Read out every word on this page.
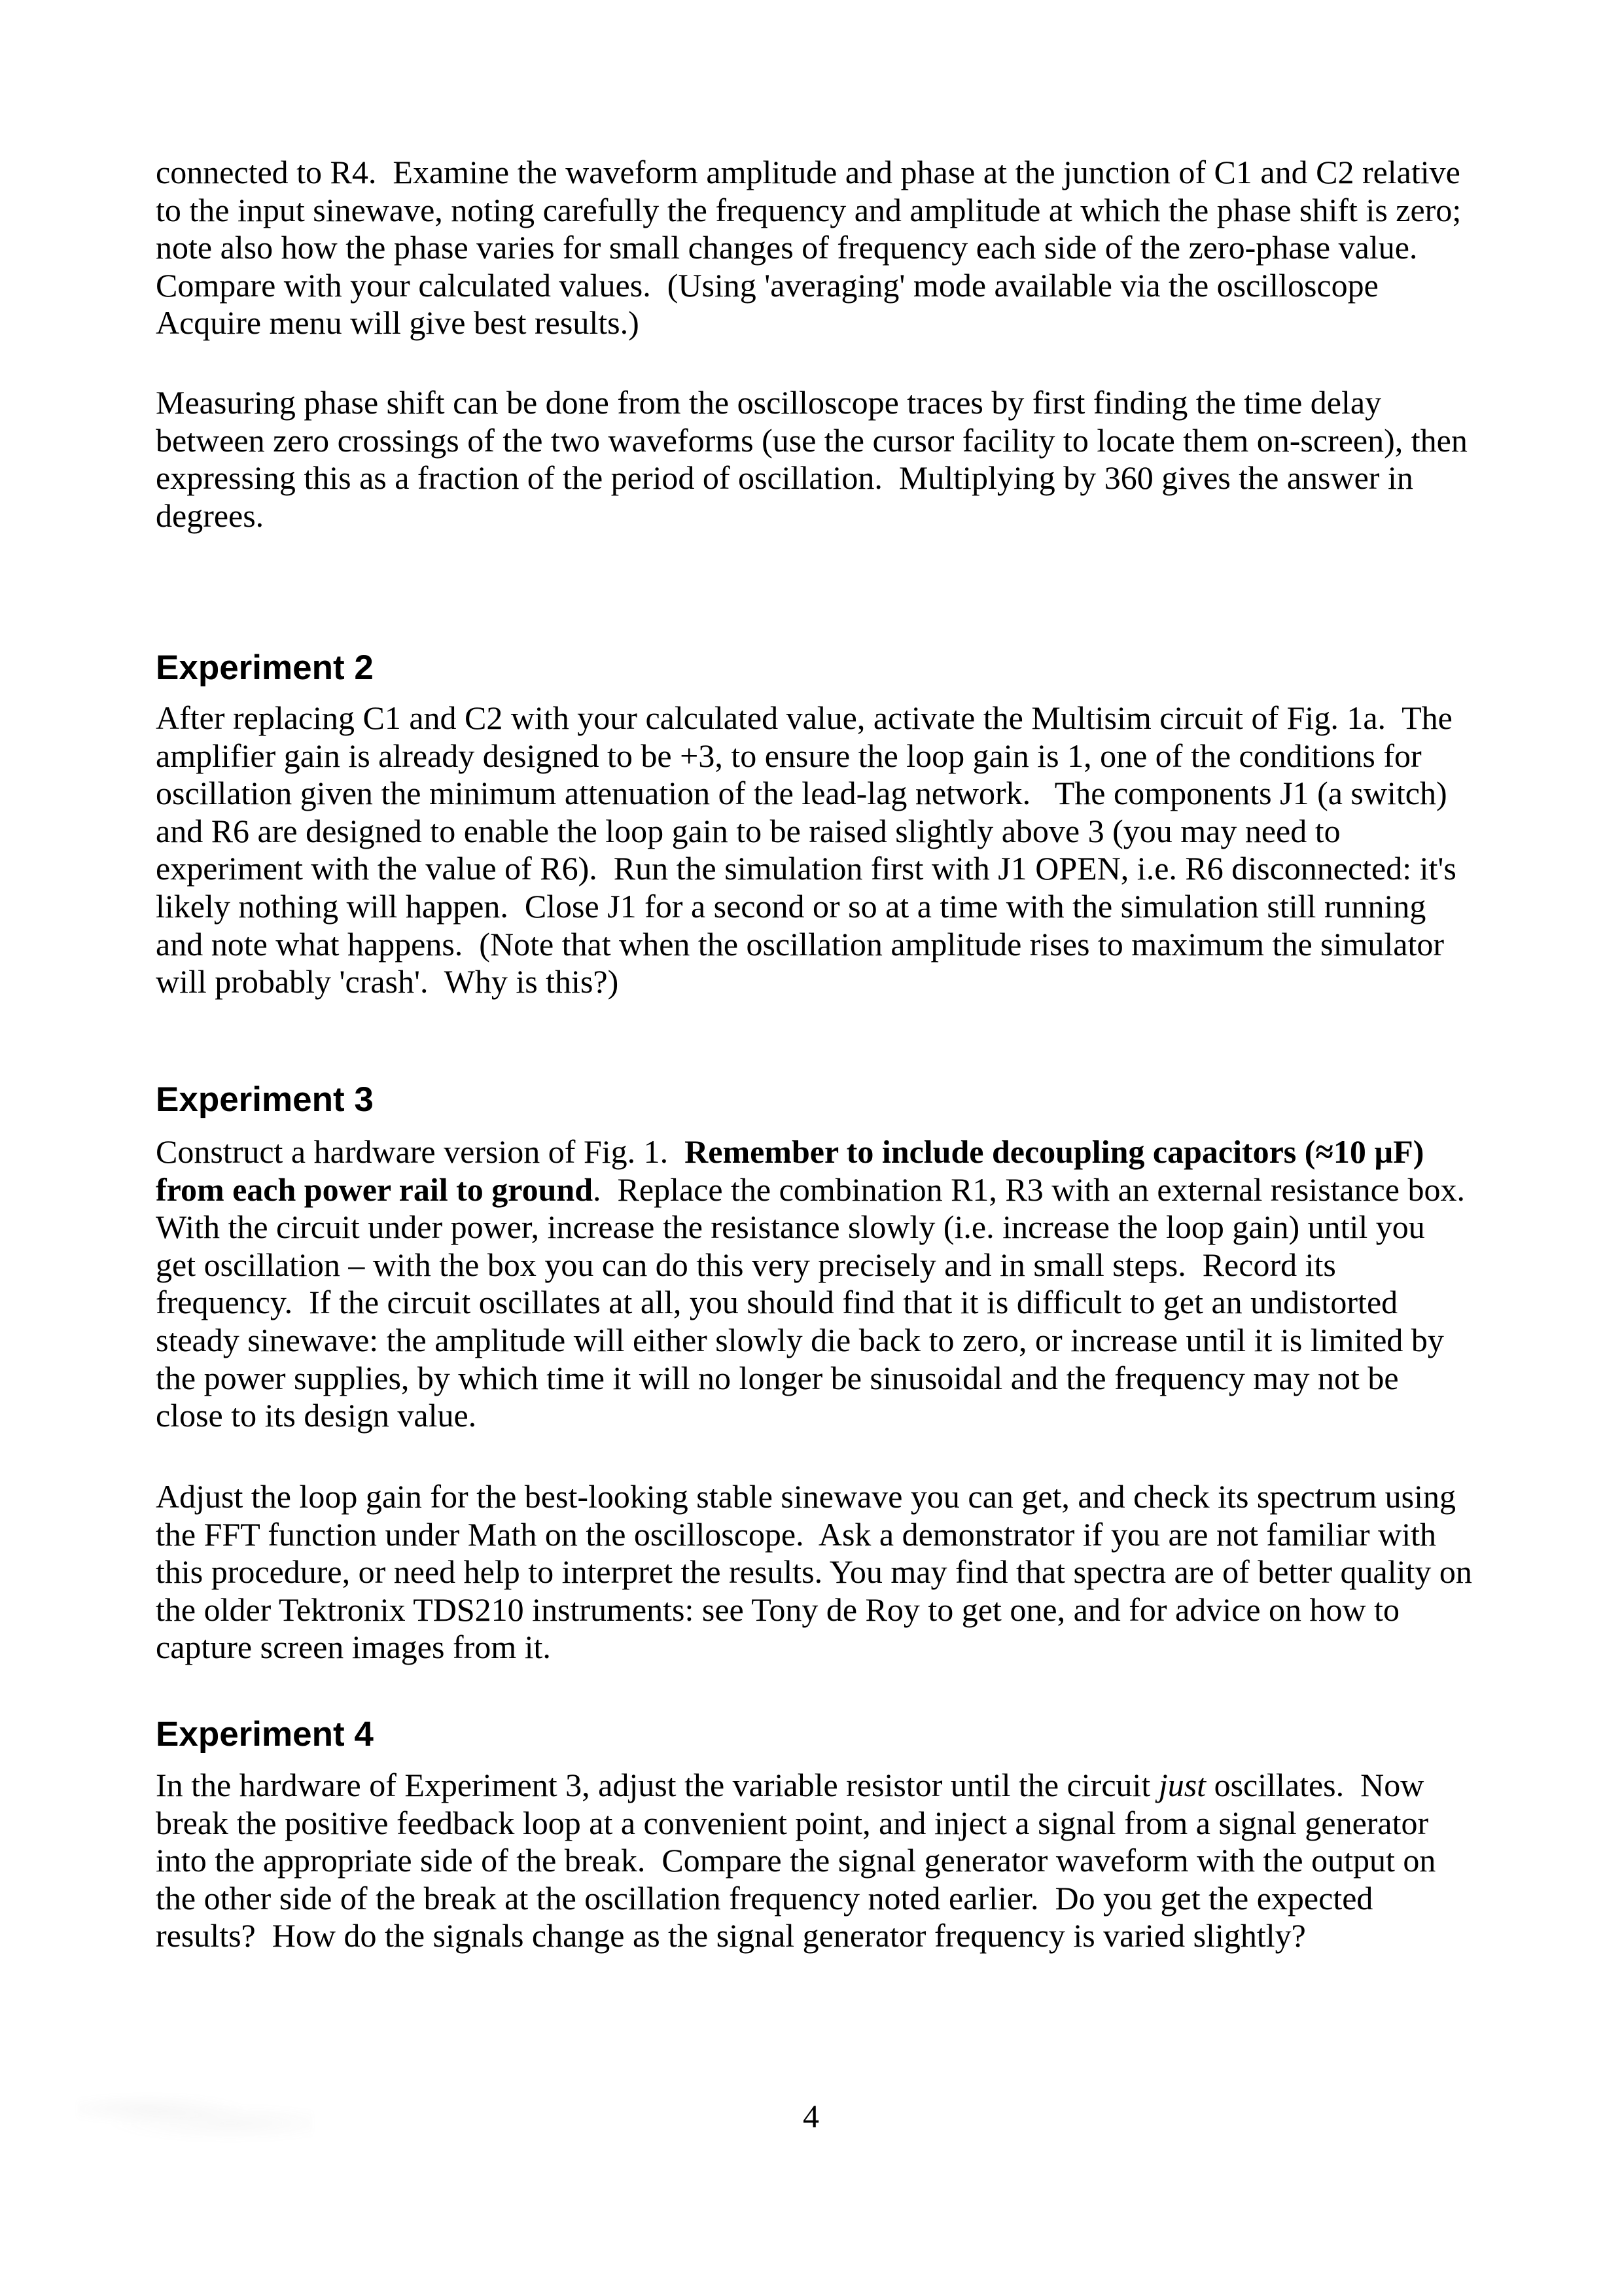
connected to R4.  Examine the waveform amplitude and phase at the junction of C1 and C2 relative to the input sinewave, noting carefully the frequency and amplitude at which the phase shift is zero; note also how the phase varies for small changes of frequency each side of the zero-phase value.  Compare with your calculated values.  (Using 'averaging' mode available via the oscilloscope Acquire menu will give best results.)
Measuring phase shift can be done from the oscilloscope traces by first finding the time delay between zero crossings of the two waveforms (use the cursor facility to locate them on-screen), then expressing this as a fraction of the period of oscillation.  Multiplying by 360 gives the answer in degrees.
Experiment 2
After replacing C1 and C2 with your calculated value, activate the Multisim circuit of Fig. 1a.  The amplifier gain is already designed to be +3, to ensure the loop gain is 1, one of the conditions for oscillation given the minimum attenuation of the lead-lag network.   The components J1 (a switch) and R6 are designed to enable the loop gain to be raised slightly above 3 (you may need to experiment with the value of R6).  Run the simulation first with J1 OPEN, i.e. R6 disconnected: it's likely nothing will happen.  Close J1 for a second or so at a time with the simulation still running and note what happens.  (Note that when the oscillation amplitude rises to maximum the simulator will probably 'crash'.  Why is this?)
Experiment 3
Construct a hardware version of Fig. 1.  Remember to include decoupling capacitors (≈10 µF) from each power rail to ground.  Replace the combination R1, R3 with an external resistance box. With the circuit under power, increase the resistance slowly (i.e. increase the loop gain) until you get oscillation – with the box you can do this very precisely and in small steps.  Record its frequency.  If the circuit oscillates at all, you should find that it is difficult to get an undistorted steady sinewave: the amplitude will either slowly die back to zero, or increase until it is limited by the power supplies, by which time it will no longer be sinusoidal and the frequency may not be close to its design value.
Adjust the loop gain for the best-looking stable sinewave you can get, and check its spectrum using the FFT function under Math on the oscilloscope.  Ask a demonstrator if you are not familiar with this procedure, or need help to interpret the results. You may find that spectra are of better quality on the older Tektronix TDS210 instruments: see Tony de Roy to get one, and for advice on how to capture screen images from it.
Experiment 4
In the hardware of Experiment 3, adjust the variable resistor until the circuit just oscillates.  Now break the positive feedback loop at a convenient point, and inject a signal from a signal generator into the appropriate side of the break.  Compare the signal generator waveform with the output on the other side of the break at the oscillation frequency noted earlier.  Do you get the expected results?  How do the signals change as the signal generator frequency is varied slightly?
4
